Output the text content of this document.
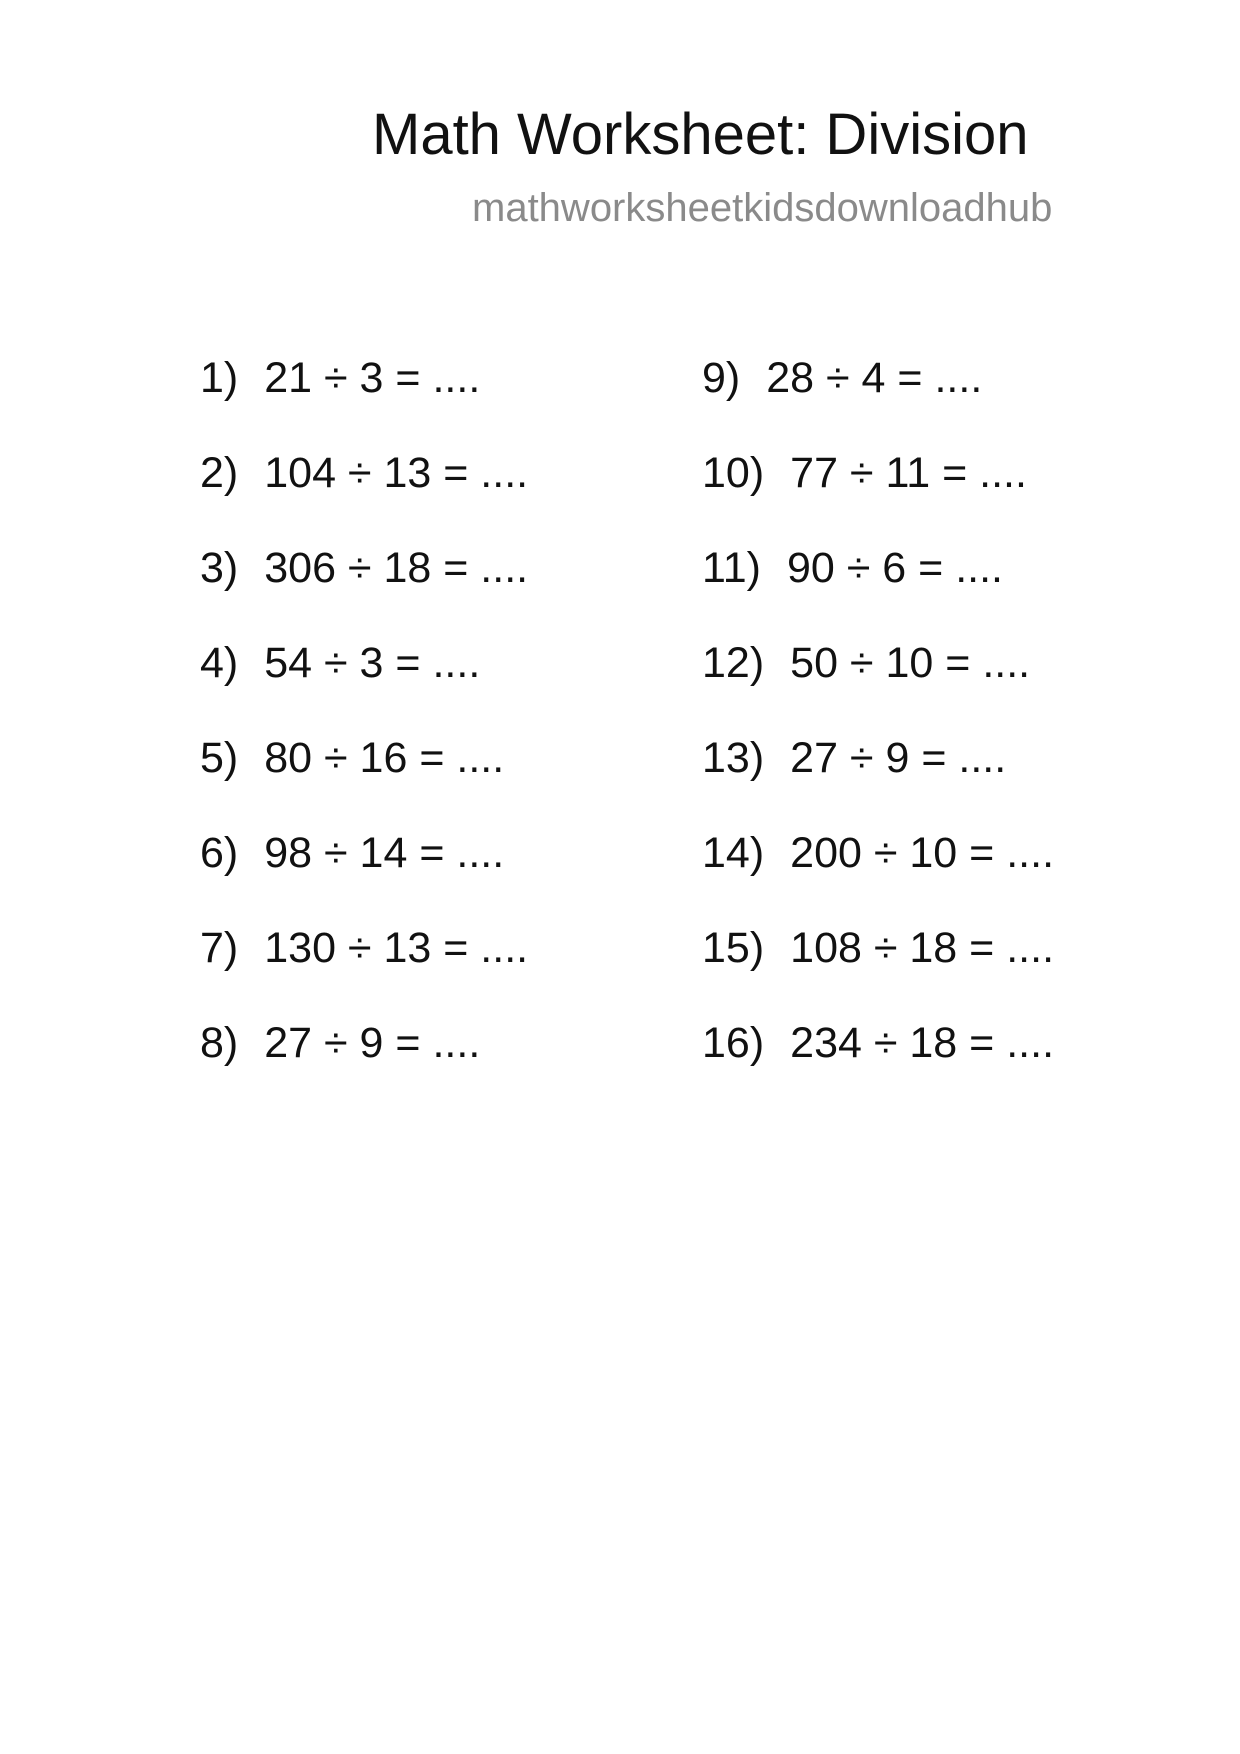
Math Worksheet: Division
mathworksheetkidsdownloadhub
1) 21 ÷ 3 = ....
2) 104 ÷ 13 = ....
3) 306 ÷ 18 = ....
4) 54 ÷ 3 = ....
5) 80 ÷ 16 = ....
6) 98 ÷ 14 = ....
7) 130 ÷ 13 = ....
8) 27 ÷ 9 = ....
9) 28 ÷ 4 = ....
10) 77 ÷ 11 = ....
11) 90 ÷ 6 = ....
12) 50 ÷ 10 = ....
13) 27 ÷ 9 = ....
14) 200 ÷ 10 = ....
15) 108 ÷ 18 = ....
16) 234 ÷ 18 = ....
